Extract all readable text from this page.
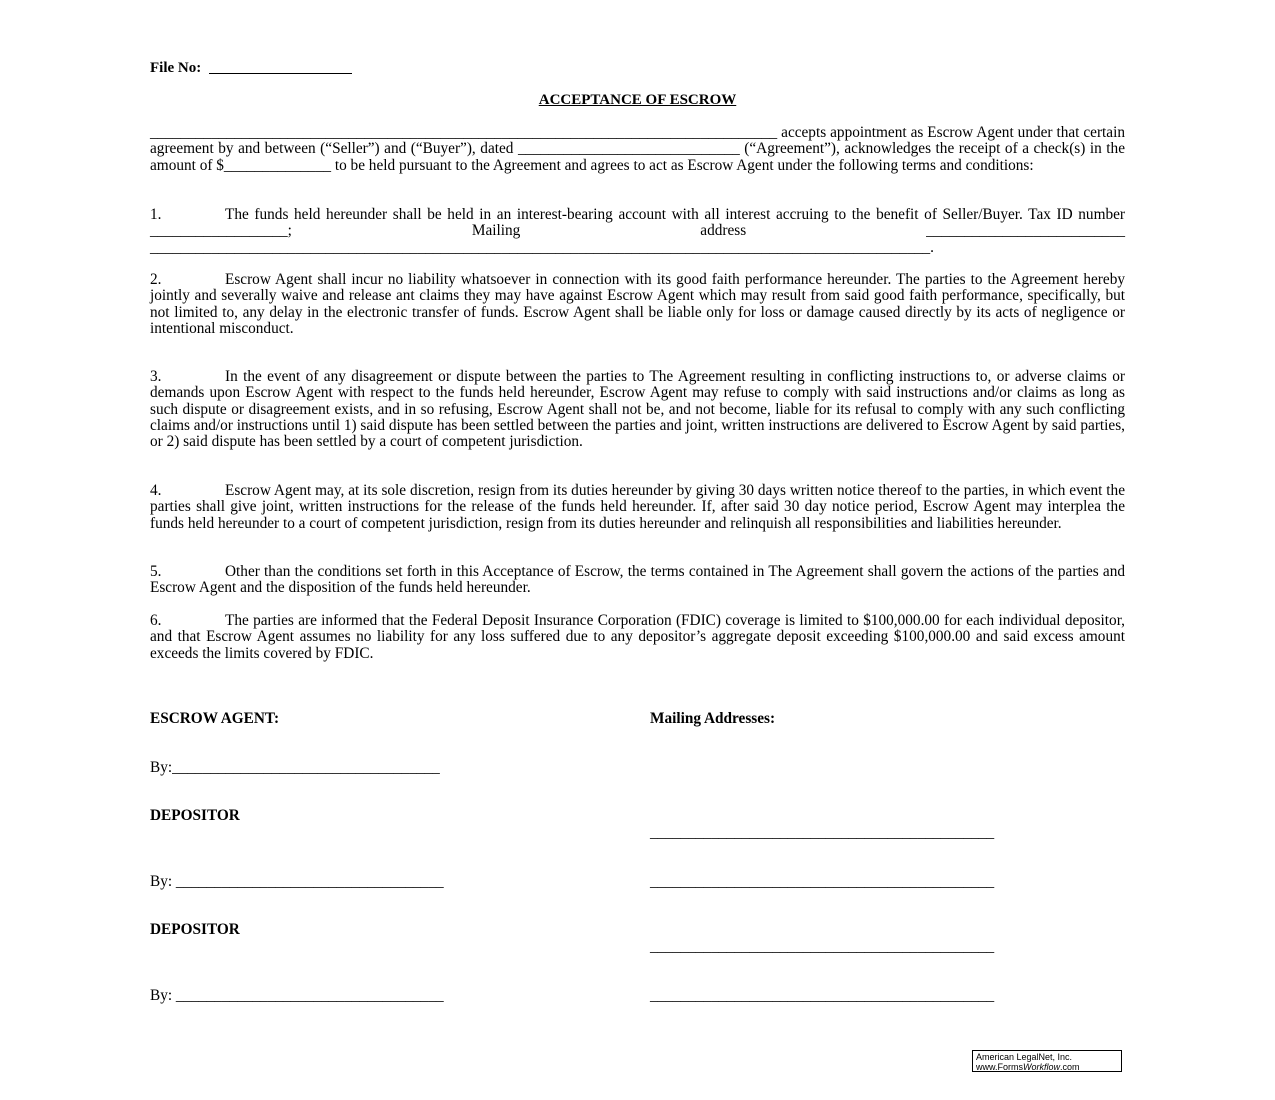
File No:
ACCEPTANCE OF ESCROW

__________________________________________________________________________________ accepts appointment as Escrow Agent under that certain agreement by and between (“Seller”) and (“Buyer”), dated _____________________________ (“Agreement”), acknowledges the receipt of a check(s) in the amount of $______________ to be held pursuant to the Agreement and agrees to act as Escrow Agent under the following terms and conditions:

1.	The funds held hereunder shall be held in an interest-bearing account with all interest accruing to the benefit of Seller/Buyer. Tax ID number __________________; Mailing address __________________________ ______________________________________________________________________________________________________.

2.	Escrow Agent shall incur no liability whatsoever in connection with its good faith performance hereunder. The parties to the Agreement hereby jointly and severally waive and release ant claims they may have against Escrow Agent which may result from said good faith performance, specifically, but not limited to, any delay in the electronic transfer of funds. Escrow Agent shall be liable only for loss or damage caused directly by its acts of negligence or intentional misconduct.

3.	In the event of any disagreement or dispute between the parties to The Agreement resulting in conflicting instructions to, or adverse claims or demands upon Escrow Agent with respect to the funds held hereunder, Escrow Agent may refuse to comply with said instructions and/or claims as long as such dispute or disagreement exists, and in so refusing, Escrow Agent shall not be, and not become, liable for its refusal to comply with any such conflicting claims and/or instructions until 1) said dispute has been settled between the parties and joint, written instructions are delivered to Escrow Agent by said parties, or 2) said dispute has been settled by a court of competent jurisdiction.

4.	Escrow Agent may, at its sole discretion, resign from its duties hereunder by giving 30 days written notice thereof to the parties, in which event the parties shall give joint, written instructions for the release of the funds held hereunder. If, after said 30 day notice period, Escrow Agent may interplea the funds held hereunder to a court of competent jurisdiction, resign from its duties hereunder and relinquish all responsibilities and liabilities hereunder.

5.	Other than the conditions set forth in this Acceptance of Escrow, the terms contained in The Agreement shall govern the actions of the parties and Escrow Agent and the disposition of the funds held hereunder.

6.	The parties are informed that the Federal Deposit Insurance Corporation (FDIC) coverage is limited to $100,000.00 for each individual depositor, and that Escrow Agent assumes no liability for any loss suffered due to any depositor’s aggregate deposit exceeding $100,000.00 and said excess amount exceeds the limits covered by FDIC.

ESCROW AGENT:	Mailing Addresses:
By:___________________________________
DEPOSITOR
_____________________________________________
By: ___________________________________	_____________________________________________
DEPOSITOR
_____________________________________________
By: ___________________________________	_____________________________________________
American LegalNet, Inc.
www.FormsWorkflow.com
